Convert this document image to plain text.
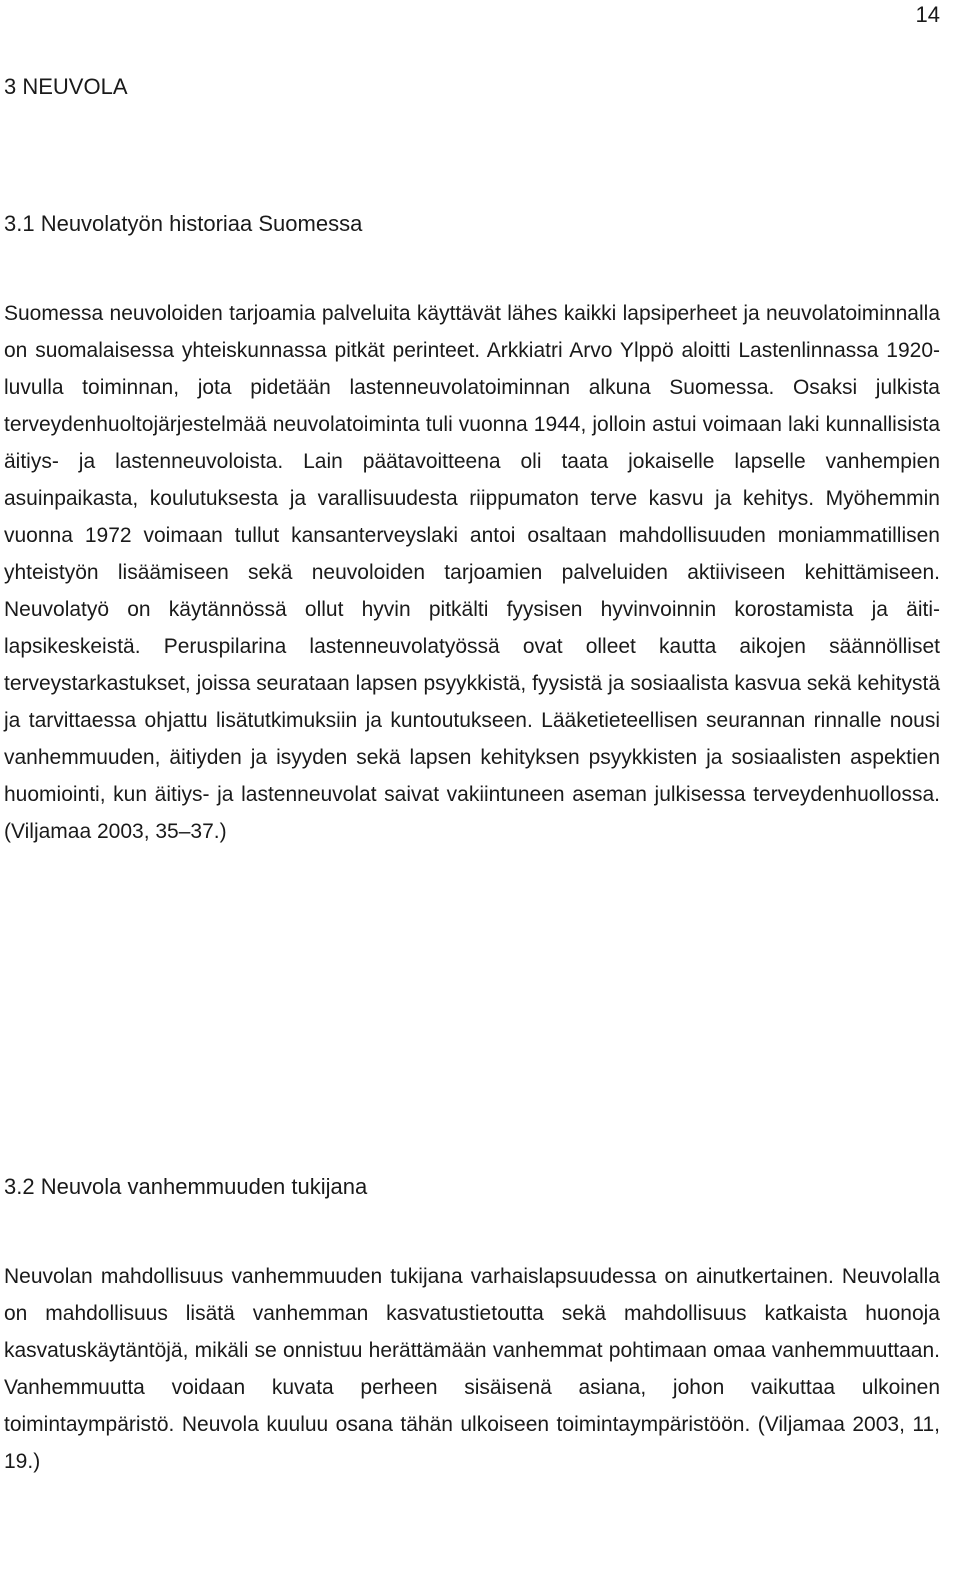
14
3 NEUVOLA
3.1 Neuvolatyön historiaa Suomessa

Suomessa neuvoloiden tarjoamia palveluita käyttävät lähes kaikki lapsiperheet ja neuvolatoiminnalla on suomalaisessa yhteiskunnassa pitkät perinteet. Arkkiatri Arvo Ylppö aloitti Lastenlinnassa 1920-luvulla toiminnan, jota pidetään lastenneuvolatoiminnan alkuna Suomessa. Osaksi julkista terveydenhuoltojärjestelmää neuvolatoiminta tuli vuonna 1944, jolloin astui voimaan laki kunnallisista äitiys- ja lastenneuvoloista. Lain päätavoitteena oli taata jokaiselle lapselle vanhempien asuinpaikasta, koulutuksesta ja varallisuudesta riippumaton terve kasvu ja kehitys. Myöhemmin vuonna 1972 voimaan tullut kansanterveyslaki antoi osaltaan mahdollisuuden moniammatillisen yhteistyön lisäämiseen sekä neuvoloiden tarjoamien palveluiden aktiiviseen kehittämiseen. Neuvolatyö on käytännössä ollut hyvin pitkälti fyysisen hyvinvoinnin korostamista ja äitilapsikeskeistä. Peruspilarina lastenneuvolatyössä ovat olleet kautta aikojen säännölliset terveystarkastukset, joissa seurataan lapsen psyykkistä, fyysistä ja sosiaalista kasvua sekä kehitystä ja tarvittaessa ohjattu lisätutkimuksiin ja kuntoutukseen. Lääketieteellisen seurannan rinnalle nousi vanhemmuuden, äitiyden ja isyyden sekä lapsen kehityksen psyykkisten ja sosiaalisten aspektien huomiointi, kun äitiys- ja lastenneuvolat saivat vakiintuneen aseman julkisessa terveydenhuollossa. (Viljamaa 2003, 35–37.)

3.2 Neuvola vanhemmuuden tukijana

Neuvolan mahdollisuus vanhemmuuden tukijana varhaislapsuudessa on ainutkertainen. Neuvolalla on mahdollisuus lisätä vanhemman kasvatustietoutta sekä mahdollisuus katkaista huonoja kasvatuskäytäntöjä, mikäli se onnistuu herättämään vanhemmat pohtimaan omaa vanhemmuuttaan. Vanhemmuutta voidaan kuvata perheen sisäisenä asiana, johon vaikuttaa ulkoinen toimintaympäristö. Neuvola kuuluu osana tähän ulkoiseen toimintaympäristöön. (Viljamaa 2003, 11, 19.)
